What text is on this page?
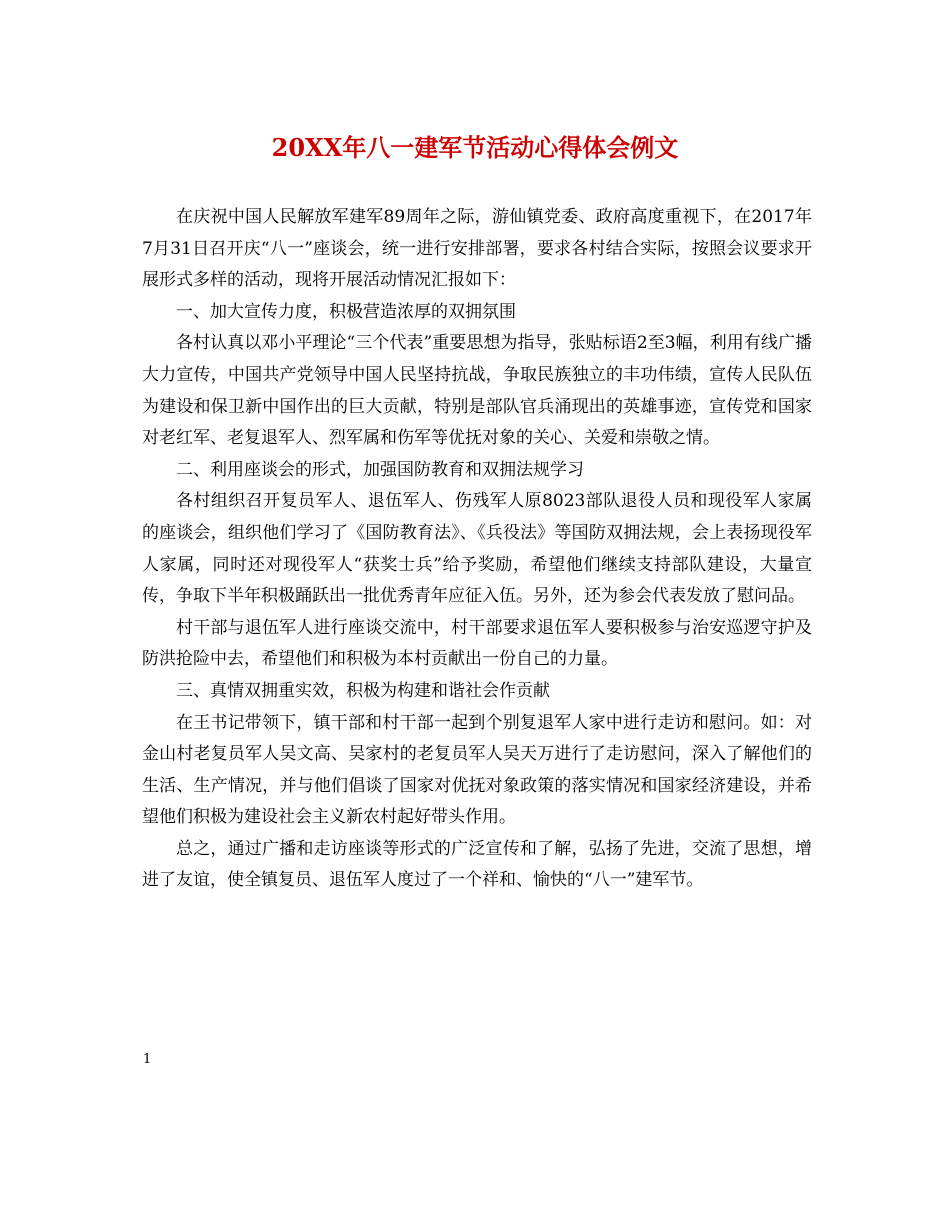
20XX年八一建军节活动心得体会例文

在庆祝中国人民解放军建军89周年之际，游仙镇党委、政府高度重视下，在2017年7月31日召开庆“八一”座谈会，统一进行安排部署，要求各村结合实际，按照会议要求开展形式多样的活动，现将开展活动情况汇报如下：

一、加大宣传力度，积极营造浓厚的双拥氛围

各村认真以邓小平理论“三个代表”重要思想为指导，张贴标语2至3幅，利用有线广播大力宣传，中国共产党领导中国人民坚持抗战，争取民族独立的丰功伟绩，宣传人民队伍为建设和保卫新中国作出的巨大贡献，特别是部队官兵涌现出的英雄事迹，宣传党和国家对老红军、老复退军人、烈军属和伤军等优抚对象的关心、关爱和崇敬之情。

二、利用座谈会的形式，加强国防教育和双拥法规学习

各村组织召开复员军人、退伍军人、伤残军人原8023部队退役人员和现役军人家属的座谈会，组织他们学习了《国防教育法》、《兵役法》等国防双拥法规，会上表扬现役军人家属，同时还对现役军人“获奖士兵”给予奖励，希望他们继续支持部队建设，大量宣传，争取下半年积极踊跃出一批优秀青年应征入伍。另外，还为参会代表发放了慰问品。

村干部与退伍军人进行座谈交流中，村干部要求退伍军人要积极参与治安巡逻守护及防洪抢险中去，希望他们和积极为本村贡献出一份自己的力量。

三、真情双拥重实效，积极为构建和谐社会作贡献

在王书记带领下，镇干部和村干部一起到个别复退军人家中进行走访和慰问。如：对金山村老复员军人吴文高、吴家村的老复员军人吴天万进行了走访慰问，深入了解他们的生活、生产情况，并与他们倡谈了国家对优抚对象政策的落实情况和国家经济建设，并希望他们积极为建设社会主义新农村起好带头作用。

总之，通过广播和走访座谈等形式的广泛宣传和了解，弘扬了先进，交流了思想，增进了友谊，使全镇复员、退伍军人度过了一个祥和、愉快的“八一”建军节。

1
